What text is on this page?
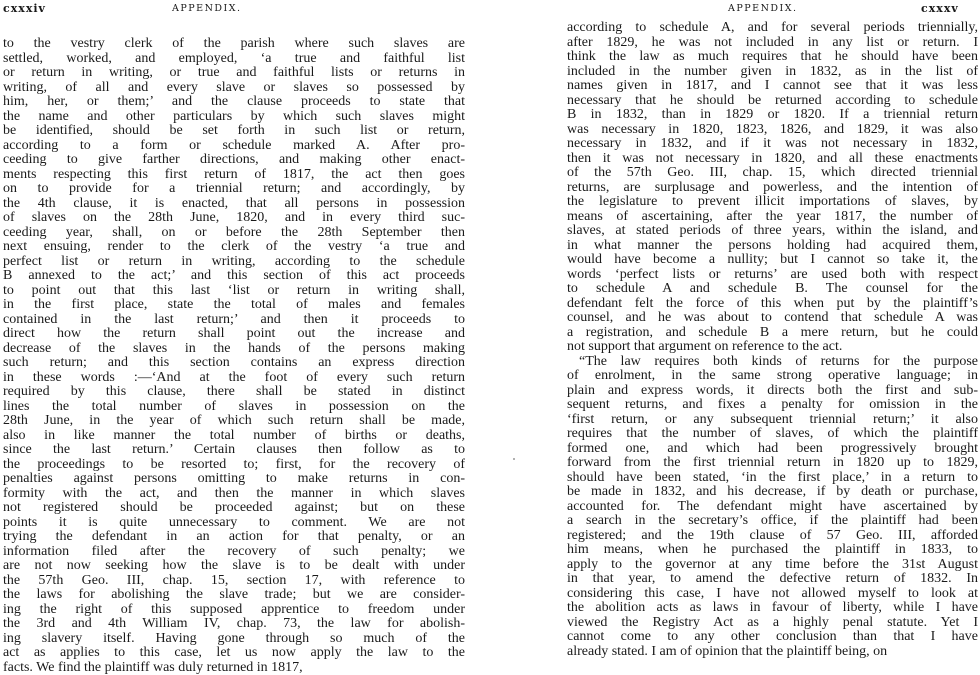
cxxxiv	APPENDIX.
to the vestry clerk of the parish where such slaves are
settled, worked, and employed, ‘a true and faithful list
or return in writing, or true and faithful lists or returns in
writing, of all and every slave or slaves so possessed by
him, her, or them;’ and the clause proceeds to state that
the name and other particulars by which such slaves might
be identified, should be set forth in such list or return,
according to a form or schedule marked A. After pro-
ceeding to give farther directions, and making other enact-
ments respecting this first return of 1817, the act then goes
on to provide for a triennial return; and accordingly, by
the 4th clause, it is enacted, that all persons in possession
of slaves on the 28th June, 1820, and in every third suc-
ceeding year, shall, on or before the 28th September then
next ensuing, render to the clerk of the vestry ‘a true and
perfect list or return in writing, according to the schedule
B annexed to the act;’ and this section of this act proceeds
to point out that this last ‘list or return in writing shall,
in the first place, state the total of males and females
contained in the last return;’ and then it proceeds to
direct how the return shall point out the increase and
decrease of the slaves in the hands of the persons making
such return; and this section contains an express direction
in these words :—‘And at the foot of every such return
required by this clause, there shall be stated in distinct
lines the total number of slaves in possession on the
28th June, in the year of which such return shall be made,
also in like manner the total number of births or deaths,
since the last return.’ Certain clauses then follow as to
the proceedings to be resorted to; first, for the recovery of
penalties against persons omitting to make returns in con-
formity with the act, and then the manner in which slaves
not registered should be proceeded against; but on these
points it is quite unnecessary to comment. We are not
trying the defendant in an action for that penalty, or an
information filed after the recovery of such penalty; we
are not now seeking how the slave is to be dealt with under
the 57th Geo. III, chap. 15, section 17, with reference to
the laws for abolishing the slave trade; but we are consider-
ing the right of this supposed apprentice to freedom under
the 3rd and 4th William IV, chap. 73, the law for abolish-
ing slavery itself. Having gone through so much of the
act as applies to this case, let us now apply the law to the
facts. We find the plaintiff was duly returned in 1817,
APPENDIX.	cxxxv
according to schedule A, and for several periods triennially,
after 1829, he was not included in any list or return. I
think the law as much requires that he should have been
included in the number given in 1832, as in the list of
names given in 1817, and I cannot see that it was less
necessary that he should be returned according to schedule
B in 1832, than in 1829 or 1820. If a triennial return
was necessary in 1820, 1823, 1826, and 1829, it was also
necessary in 1832, and if it was not necessary in 1832,
then it was not necessary in 1820, and all these enactments
of the 57th Geo. III, chap. 15, which directed triennial
returns, are surplusage and powerless, and the intention of
the legislature to prevent illicit importations of slaves, by
means of ascertaining, after the year 1817, the number of
slaves, at stated periods of three years, within the island, and
in what manner the persons holding had acquired them,
would have become a nullity; but I cannot so take it, the
words ‘perfect lists or returns’ are used both with respect
to schedule A and schedule B. The counsel for the
defendant felt the force of this when put by the plaintiff’s
counsel, and he was about to contend that schedule A was
a registration, and schedule B a mere return, but he could
not support that argument on reference to the act.
“The law requires both kinds of returns for the purpose
of enrolment, in the same strong operative language; in
plain and express words, it directs both the first and sub-
sequent returns, and fixes a penalty for omission in the
‘first return, or any subsequent triennial return;’ it also
requires that the number of slaves, of which the plaintiff
formed one, and which had been progressively brought
forward from the first triennial return in 1820 up to 1829,
should have been stated, ‘in the first place,’ in a return to
be made in 1832, and his decrease, if by death or purchase,
accounted for. The defendant might have ascertained by
a search in the secretary’s office, if the plaintiff had been
registered; and the 19th clause of 57 Geo. III, afforded
him means, when he purchased the plaintiff in 1833, to
apply to the governor at any time before the 31st August
in that year, to amend the defective return of 1832. In
considering this case, I have not allowed myself to look at
the abolition acts as laws in favour of liberty, while I have
viewed the Registry Act as a highly penal statute. Yet I
cannot come to any other conclusion than that I have
already stated. I am of opinion that the plaintiff being, on
